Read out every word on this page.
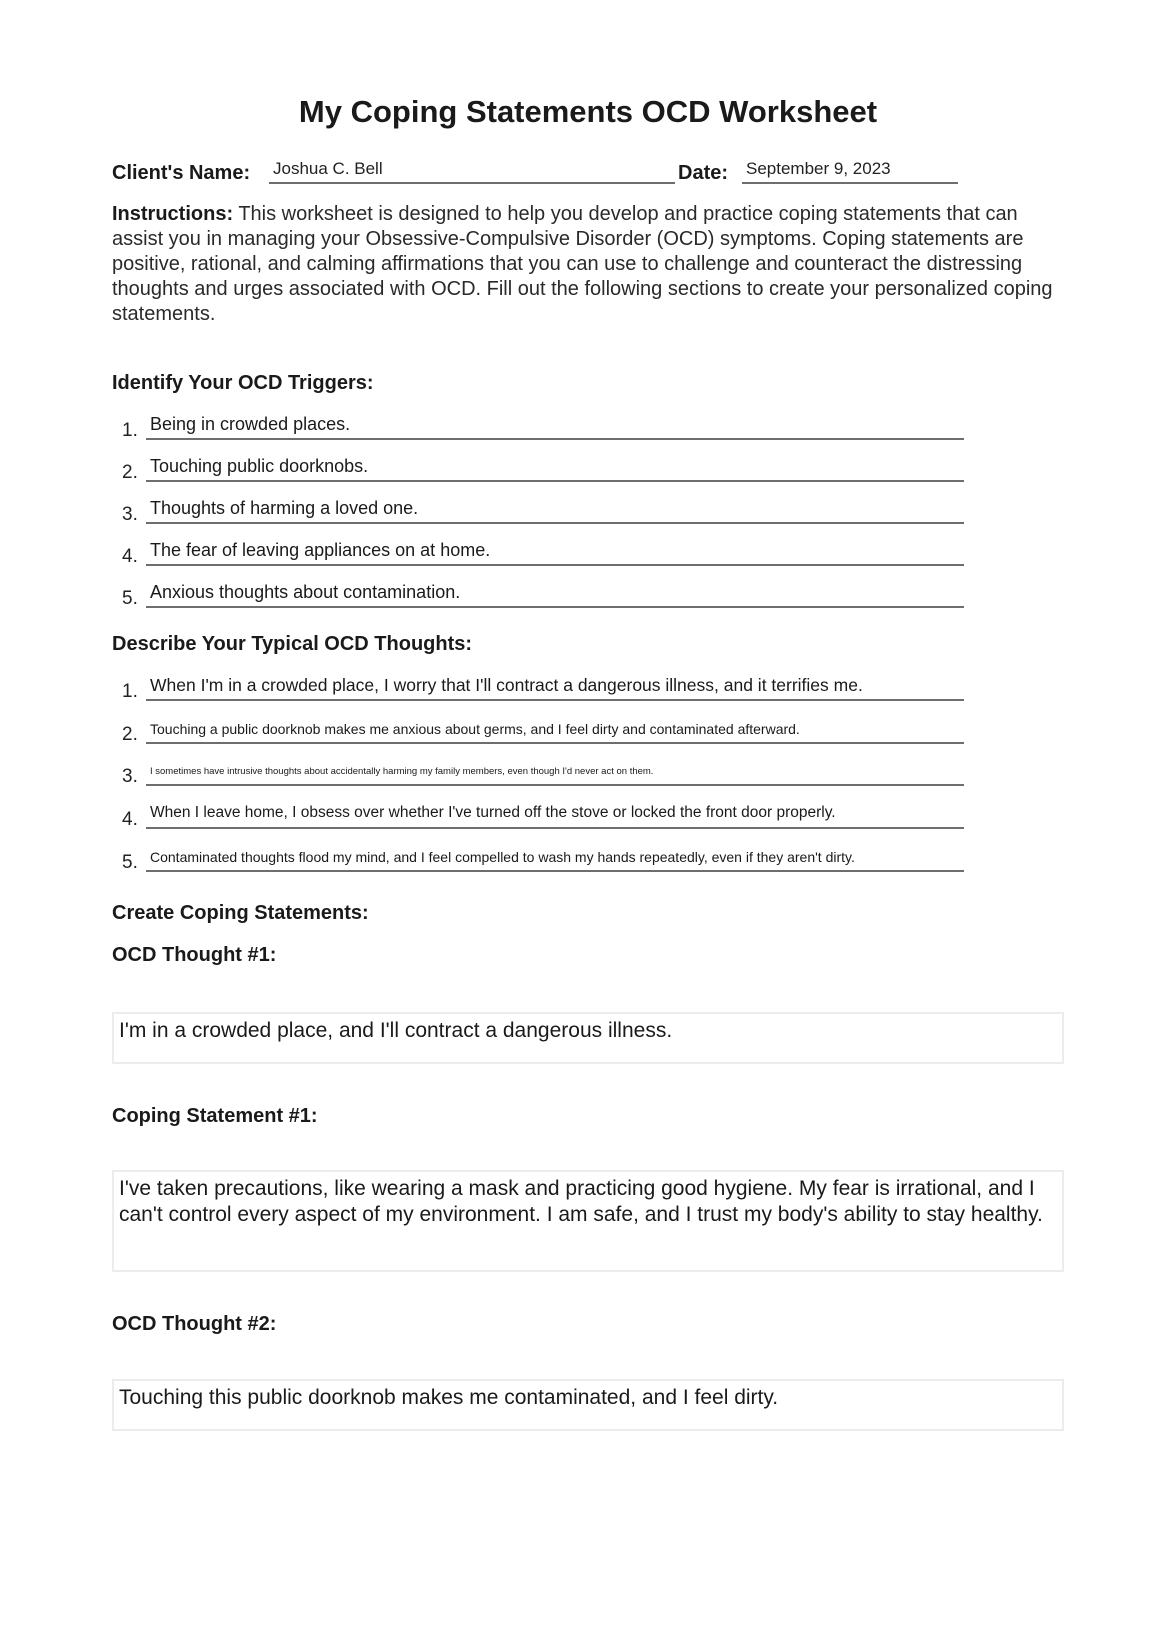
My Coping Statements OCD Worksheet
Client's Name: Joshua C. Bell	Date: September 9, 2023
Instructions: This worksheet is designed to help you develop and practice coping statements that can assist you in managing your Obsessive-Compulsive Disorder (OCD) symptoms. Coping statements are positive, rational, and calming affirmations that you can use to challenge and counteract the distressing thoughts and urges associated with OCD. Fill out the following sections to create your personalized coping statements.
Identify Your OCD Triggers:
1. Being in crowded places.
2. Touching public doorknobs.
3. Thoughts of harming a loved one.
4. The fear of leaving appliances on at home.
5. Anxious thoughts about contamination.
Describe Your Typical OCD Thoughts:
1. When I'm in a crowded place, I worry that I'll contract a dangerous illness, and it terrifies me.
2. Touching a public doorknob makes me anxious about germs, and I feel dirty and contaminated afterward.
3.	I sometimes have intrusive thoughts about accidentally harming my family members, even though I'd never act on them.
4. When I leave home, I obsess over whether I've turned off the stove or locked the front door properly.
5. Contaminated thoughts flood my mind, and I feel compelled to wash my hands repeatedly, even if they aren't dirty.
Create Coping Statements:
OCD Thought #1:
I'm in a crowded place, and I'll contract a dangerous illness.
Coping Statement #1:
I've taken precautions, like wearing a mask and practicing good hygiene. My fear is irrational, and I can't control every aspect of my environment. I am safe, and I trust my body's ability to stay healthy.
OCD Thought #2:
Touching this public doorknob makes me contaminated, and I feel dirty.
